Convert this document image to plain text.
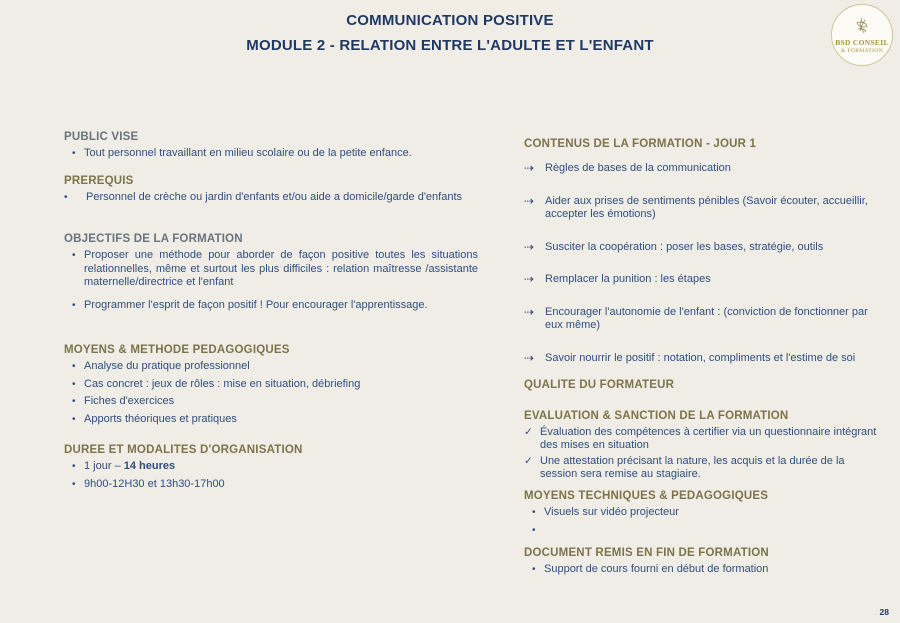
COMMUNICATION POSITIVE
MODULE 2 - RELATION ENTRE L'ADULTE ET L'ENFANT	BSD CONSEIL
& FORMATION
PUBLIC VISE
• Tout personnel travaillant en milieu scolaire ou de la petite enfance.
PREREQUIS
• Personnel de crèche ou jardin d'enfants et/ou aide a domicile/garde d'enfants
OBJECTIFS DE LA FORMATION
• Proposer une méthode pour aborder de façon positive toutes les situations relationnelles, même et surtout les plus difficiles : relation maîtresse /assistante maternelle/directrice et l'enfant
• Programmer l'esprit de façon positif ! Pour encourager l'apprentissage.
MOYENS & METHODE PEDAGOGIQUES
• Analyse du pratique professionnel
• Cas concret : jeux de rôles : mise en situation, débriefing
• Fiches d'exercices
• Apports théoriques et pratiques
DUREE ET MODALITES D'ORGANISATION
• 1 jour – 14 heures
• 9h00-12H30 et 13h30-17h00
CONTENUS DE LA FORMATION - JOUR 1
⇢ Règles de bases de la communication
⇢ Aider aux prises de sentiments pénibles (Savoir écouter, accueillir, accepter les émotions)
⇢ Susciter la coopération : poser les bases, stratégie, outils
⇢ Remplacer la punition : les étapes
⇢ Encourager l'autonomie de l'enfant : (conviction de fonctionner par eux même)
⇢ Savoir nourrir le positif : notation, compliments et l'estime de soi
QUALITE DU FORMATEUR
EVALUATION & SANCTION DE LA FORMATION
✓ Évaluation des compétences à certifier via un questionnaire intégrant des mises en situation
✓ Une attestation précisant la nature, les acquis et la durée de la session sera remise au stagiaire.
MOYENS TECHNIQUES & PEDAGOGIQUES
• Visuels sur vidéo projecteur
•
DOCUMENT REMIS EN FIN DE FORMATION
• Support de cours fourni en début de formation
28
